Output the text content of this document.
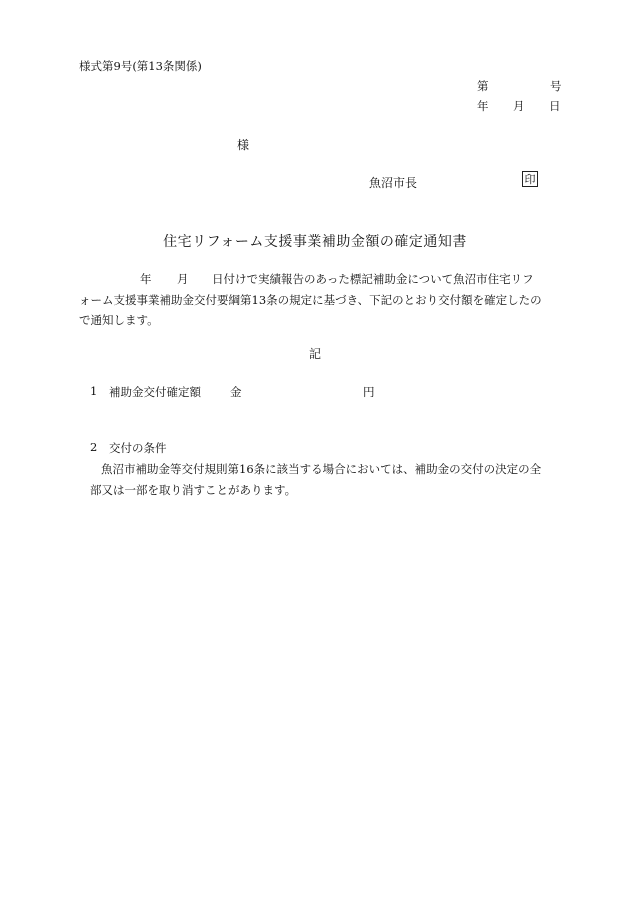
様式第9号(第13条関係)
第	号
年 月 日
様
魚沼市長	印
住宅リフォーム支援事業補助金額の確定通知書
年 月 日付けで実績報告のあった標記補助金について魚沼市住宅リフ
ォーム支援事業補助金交付要綱第13条の規定に基づき、下記のとおり交付額を確定したの
で通知します。
記
1 補助金交付確定額	金	円
2 交付の条件
魚沼市補助金等交付規則第16条に該当する場合においては、補助金の交付の決定の全
部又は一部を取り消すことがあります。
